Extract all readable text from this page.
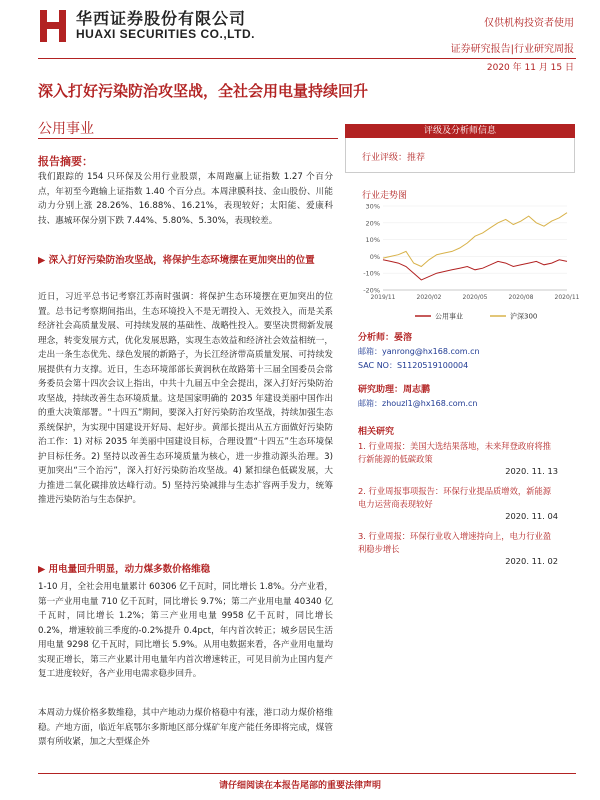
华西证券股份有限公司
HUAXI SECURITIES CO.,LTD.
仅供机构投资者使用
证券研究报告|行业研究周报
2020 年 11 月 15 日
深入打好污染防治攻坚战，全社会用电量持续回升
公用事业
报告摘要：
我们跟踪的 154 只环保及公用行业股票，本周跑赢上证指数 1.27 个百分点，年初至今跑输上证指数 1.40 个百分点。本周津膜科技、金山股份、川能动力分别上涨 28.26%、16.88%、16.21%，表现较好；太阳能、爱康科技、惠城环保分别下跌 7.44%、5.80%、5.30%，表现较差。
▶ 深入打好污染防治攻坚战，将保护生态环境摆在更加突出的位置
近日，习近平总书记考察江苏南时强调：将保护生态环境摆在更加突出的位置。总书记考察期间指出，生态环境投入不是无谓投入、无效投入，而是关系经济社会高质量发展、可持续发展的基础性、战略性投入。要坚决贯彻新发展理念，转变发展方式，优化发展思路，实现生态效益和经济社会效益相统一，走出一条生态优先、绿色发展的新路子，为长江经济带高质量发展、可持续发展提供有力支撑。近日，生态环境部部长黄润秋在故路第十三届全国委员会常务委员会第十四次会议上指出，中共十九届五中全会提出，深入打好污染防治攻坚战，持续改善生态环境质量。这是国家明确的 2035 年建设美丽中国作出的重大决策部署。“十四五”期间，要深入打好污染防治攻坚战，持续加强生态系统保护，为实现中国建设开好局、起好步。黄部长提出从五方面做好污染防治工作：1) 对标 2035 年美丽中国建设目标，合理设置“十四五”生态环境保护目标任务。2) 坚持以改善生态环境质量为核心，进一步推动源头治理。3) 更加突出“三个治污”，深入打好污染防治攻坚战。4) 紧扣绿色低碳发展，大力推进二氧化碳排放达峰行动。5) 坚持污染减排与生态扩容两手发力，统筹推进污染防治与生态保护。
▶ 用电量回升明显，动力煤多数价格维稳
1-10 月，全社会用电量累计 60306 亿千瓦时，同比增长 1.8%。分产业看，第一产业用电量 710 亿千瓦时，同比增长 9.7%；第二产业用电量 40340 亿千瓦时，同比增长 1.2%；第三产业用电量 9958 亿千瓦时，同比增长 0.2%，增速较前三季度的-0.2%提升 0.4pct，年内首次转正；城乡居民生活用电量 9298 亿千瓦时，同比增长 5.9%。从用电数据来看，各产业用电量均实现正增长，第三产业累计用电量年内首次增速转正，可见目前为止国内复产复工进度较好，各产业用电需求稳步回升。
本周动力煤价格多数维稳，其中产地动力煤价格稳中有涨，港口动力煤价格维稳。产地方面，临近年底鄂尔多斯地区部分煤矿年度产能任务即将完成，煤管票有所收紧，加之大型煤企外
评级及分析师信息
行业评级：推荐
行业走势图
30%
20%
10%
0%
-10%
-20%
2019/11	2020/02	2020/05	2020/08	2020/11
公用事业	沪深300
分析师：晏溶
邮箱：yanrong@hx168.com.cn
SAC NO：S1120519100004
研究助理：周志鹏
邮箱：zhouzl1@hx168.com.cn
相关研究
1. 行业周报：美国大选结果落地，未来拜登政府将推行新能源的低碳政策
2020. 11. 13
2. 行业周报事项报告：环保行业提品质增效，新能源电力运营商表现较好
2020. 11. 04
3. 行业周报：环保行业收入增速持向上，电力行业盈利稳步增长
2020. 11. 02
请仔细阅读在本报告尾部的重要法律声明
